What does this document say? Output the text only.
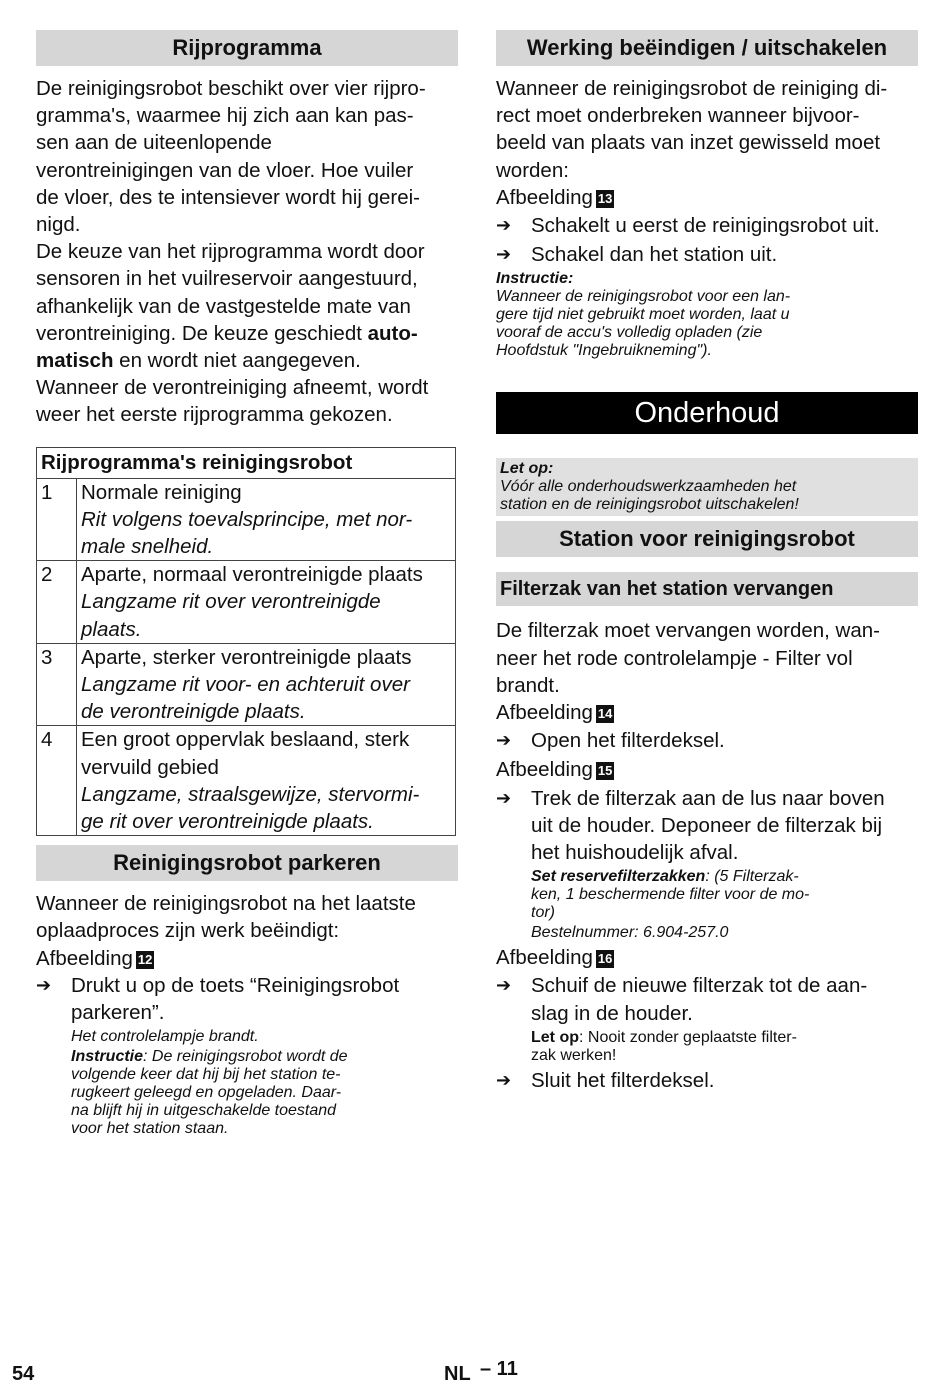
Rijprogramma

De reinigingsrobot beschikt over vier rijpro-

gramma's, waarmee hij zich aan kan pas-

sen aan de uiteenlopende

verontreinigingen van de vloer. Hoe vuiler

de vloer, des te intensiever wordt hij gerei-

nigd.

De keuze van het rijprogramma wordt door

sensoren in het vuilreservoir aangestuurd,

afhankelijk van de vastgestelde mate van

verontreiniging. De keuze geschiedt auto-

matisch en wordt niet aangegeven.

Wanneer de verontreiniging afneemt, wordt

weer het eerste rijprogramma gekozen.

Rijprogramma's reinigingsrobot	
1	Normale reiniging
Rit volgens toevalsprincipe, met nor-
male snelheid.

2	Aparte, normaal verontreinigde plaats
Langzame rit over verontreinigde
plaats.

3	Aparte, sterker verontreinigde plaats
Langzame rit voor- en achteruit over
de verontreinigde plaats.

4	Een groot oppervlak beslaand, sterk
vervuild gebied
Langzame, straalsgewijze, stervormi-
ge rit over verontreinigde plaats.
Reinigingsrobot parkeren

Wanneer de reinigingsrobot na het laatste

oplaadproces zijn werk beëindigt:

Afbeelding 12

➔ Drukt u op de toets “Reinigingsrobot
parkeren”.
Het controlelampje brandt.
Instructie: De reinigingsrobot wordt de
volgende keer dat hij bij het station te-
rugkeert geleegd en opgeladen. Daar-
na blijft hij in uitgeschakelde toestand
voor het station staan.
Werking beëindigen / uitschakelen

Wanneer de reinigingsrobot de reiniging di-

rect moet onderbreken wanneer bijvoor-

beeld van plaats van inzet gewisseld moet

worden:

Afbeelding 13

➔ Schakelt u eerst de reinigingsrobot uit.
➔ Schakel dan het station uit.
Instructie:
Wanneer de reinigingsrobot voor een lan-
gere tijd niet gebruikt moet worden, laat u
vooraf de accu's volledig opladen (zie
Hoofdstuk "Ingebruikneming").
Onderhoud
Let op:
Vóór alle onderhoudswerkzaamheden het
station en de reinigingsrobot uitschakelen!
Station voor reinigingsrobot
Filterzak van het station vervangen

De filterzak moet vervangen worden, wan-

neer het rode controlelampje - Filter vol

brandt.

Afbeelding 14

➔ Open het filterdeksel.

Afbeelding 15

➔ Trek de filterzak aan de lus naar boven
uit de houder. Deponeer de filterzak bij
het huishoudelijk afval.
Set reservefilterzakken: (5 Filterzak-
ken, 1 beschermende filter voor de mo-
tor)
Bestelnummer: 6.904-257.0

Afbeelding 16

➔ Schuif de nieuwe filterzak tot de aan-
slag in de houder.
Let op: Nooit zonder geplaatste filter-
zak werken!
➔ Sluit het filterdeksel.
54	NL – 11
